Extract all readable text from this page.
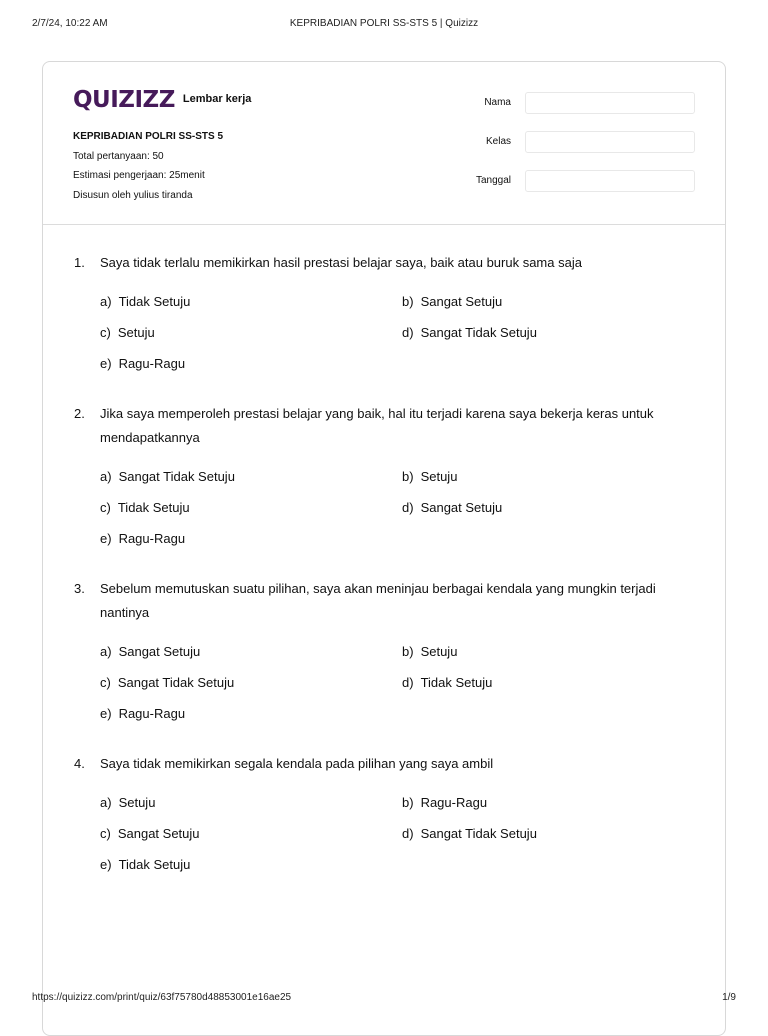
2/7/24, 10:22 AM	KEPRIBADIAN POLRI SS-STS 5 | Quizizz
QUIZIZZ Lembar kerja
KEPRIBADIAN POLRI SS-STS 5
Total pertanyaan: 50
Estimasi pengerjaan: 25menit
Disusun oleh yulius tiranda
Nama
Kelas
Tanggal
1. Saya tidak terlalu memikirkan hasil prestasi belajar saya, baik atau buruk sama saja
a) Tidak Setuju	b) Sangat Setuju
c) Setuju	d) Sangat Tidak Setuju
e) Ragu-Ragu
2. Jika saya memperoleh prestasi belajar yang baik, hal itu terjadi karena saya bekerja keras untuk mendapatkannya
a) Sangat Tidak Setuju	b) Setuju
c) Tidak Setuju	d) Sangat Setuju
e) Ragu-Ragu
3. Sebelum memutuskan suatu pilihan, saya akan meninjau berbagai kendala yang mungkin terjadi nantinya
a) Sangat Setuju	b) Setuju
c) Sangat Tidak Setuju	d) Tidak Setuju
e) Ragu-Ragu
4. Saya tidak memikirkan segala kendala pada pilihan yang saya ambil
a) Setuju	b) Ragu-Ragu
c) Sangat Setuju	d) Sangat Tidak Setuju
e) Tidak Setuju
https://quizizz.com/print/quiz/63f75780d48853001e16ae25	1/9
